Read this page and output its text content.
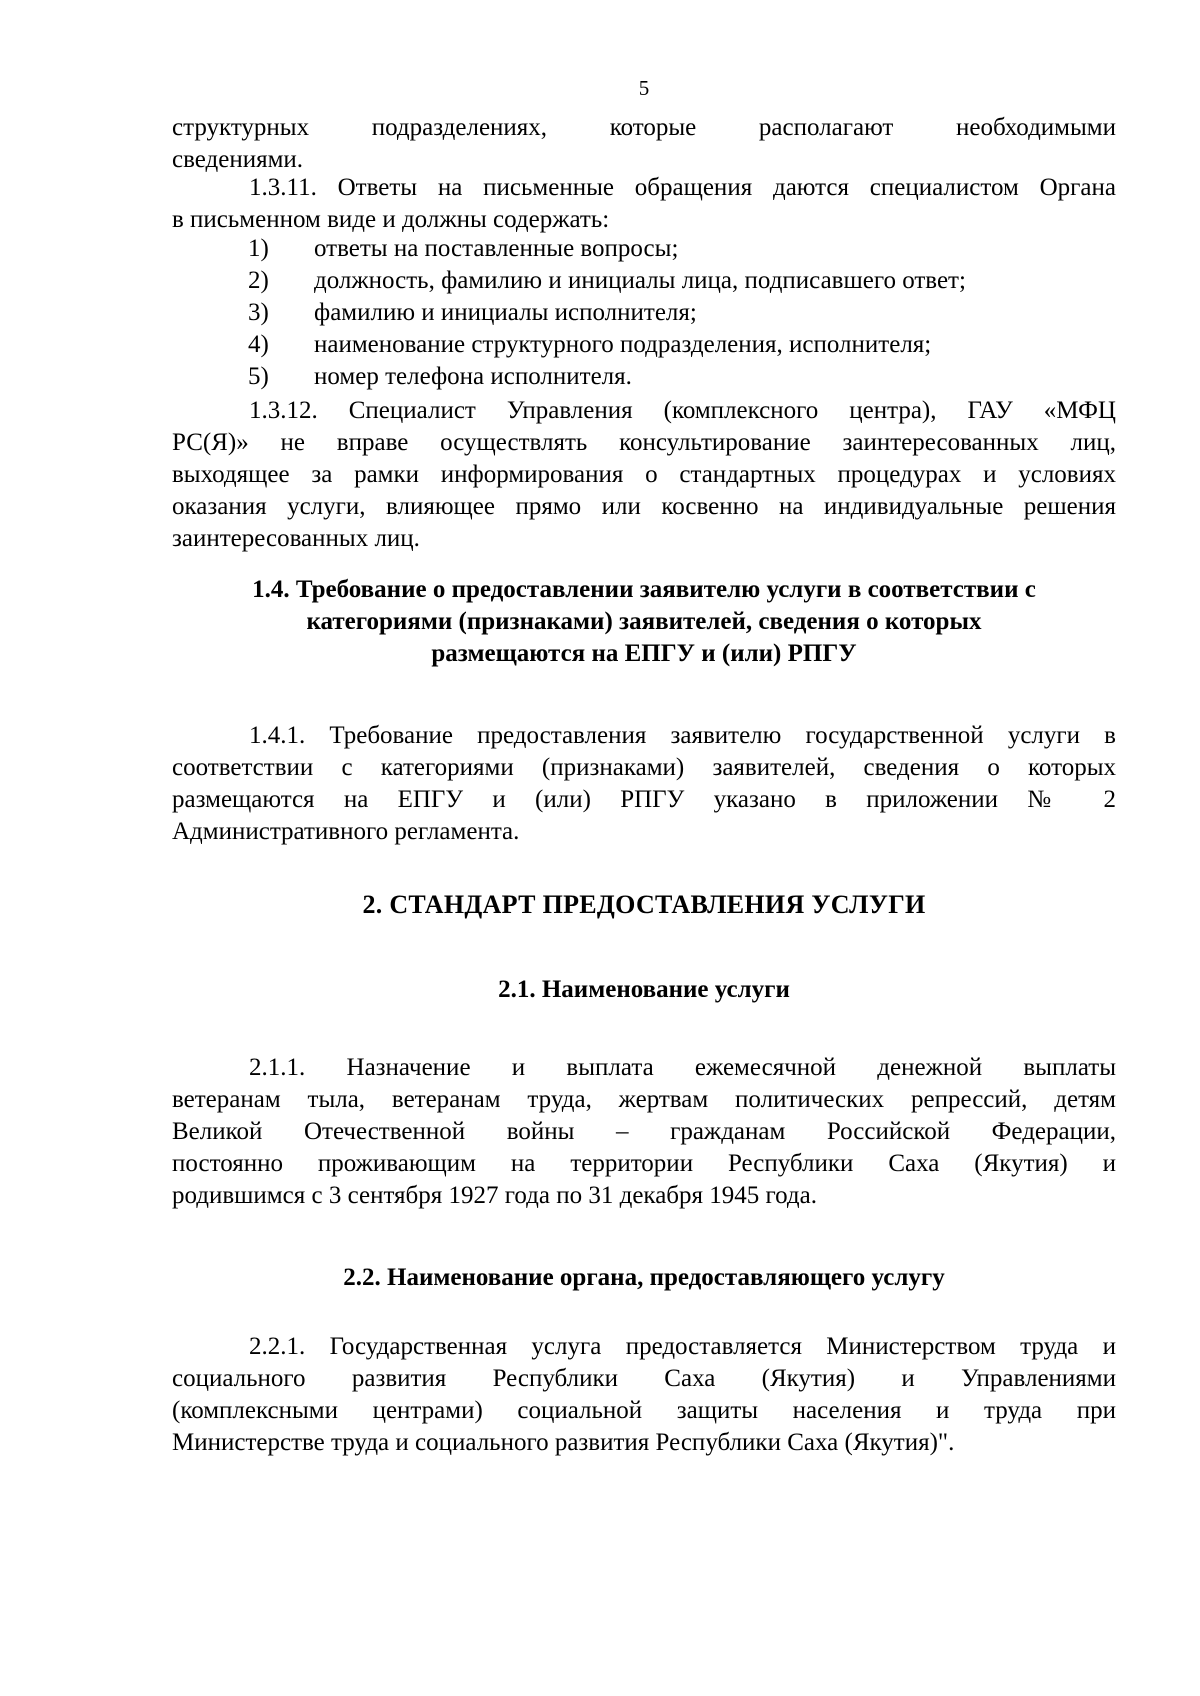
5
структурных подразделениях, которые располагают необходимыми
сведениями.
1.3.11. Ответы на письменные обращения даются специалистом Органа
в письменном виде и должны содержать:
1) ответы на поставленные вопросы;
2) должность, фамилию и инициалы лица, подписавшего ответ;
3) фамилию и инициалы исполнителя;
4) наименование структурного подразделения, исполнителя;
5) номер телефона исполнителя.
1.3.12. Специалист Управления (комплексного центра), ГАУ «МФЦ
РС(Я)» не вправе осуществлять консультирование заинтересованных лиц,
выходящее за рамки информирования о стандартных процедурах и условиях
оказания услуги, влияющее прямо или косвенно на индивидуальные решения
заинтересованных лиц.
1.4. Требование о предоставлении заявителю услуги в соответствии с
категориями (признаками) заявителей, сведения о которых
размещаются на ЕПГУ и (или) РПГУ
1.4.1. Требование предоставления заявителю государственной услуги в
соответствии с категориями (признаками) заявителей, сведения о которых
размещаются на ЕПГУ и (или) РПГУ указано в приложении № 2
Административного регламента.
2. СТАНДАРТ ПРЕДОСТАВЛЕНИЯ УСЛУГИ
2.1. Наименование услуги
2.1.1. Назначение и выплата ежемесячной денежной выплаты
ветеранам тыла, ветеранам труда, жертвам политических репрессий, детям
Великой Отечественной войны – гражданам Российской Федерации,
постоянно проживающим на территории Республики Саха (Якутия) и
родившимся с 3 сентября 1927 года по 31 декабря 1945 года.
2.2. Наименование органа, предоставляющего услугу
2.2.1. Государственная услуга предоставляется Министерством труда и
социального развития Республики Саха (Якутия) и Управлениями
(комплексными центрами) социальной защиты населения и труда при
Министерстве труда и социального развития Республики Саха (Якутия)".
